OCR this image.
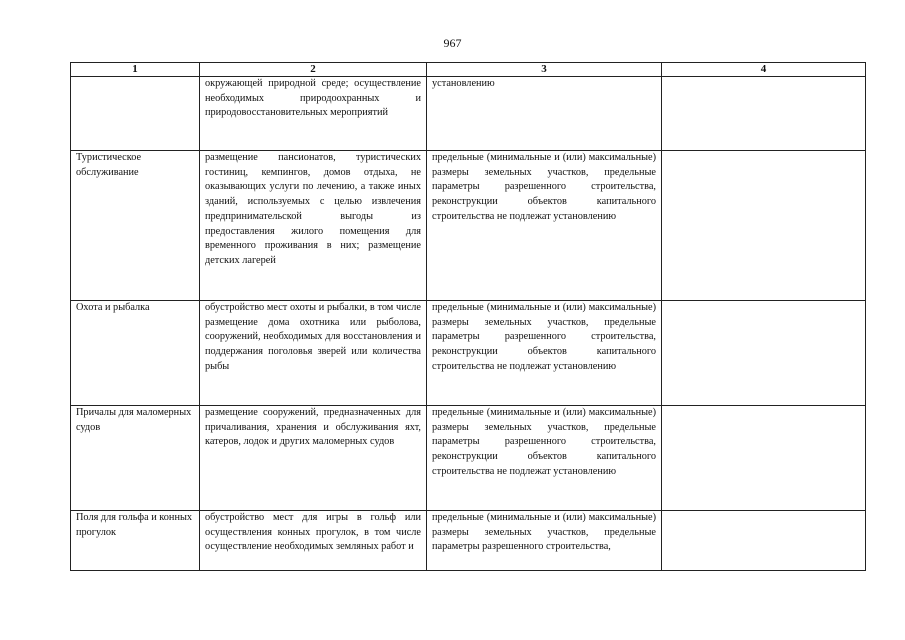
967
1	2	3	4
	окружающей природной среде; осуществление необходимых природоохранных и природовосстановительных мероприятий	установлению	
Туристическое обслуживание	размещение пансионатов, туристических гостиниц, кемпингов, домов отдыха, не оказывающих услуги по лечению, а также иных зданий, используемых с целью извлечения предпринимательской выгоды из предоставления жилого помещения для временного проживания в них; размещение детских лагерей	предельные (минимальные и (или) максимальные) размеры земельных участков, предельные параметры разрешенного строительства, реконструкции объектов капитального строительства не подлежат установлению	
Охота и рыбалка	обустройство мест охоты и рыбалки, в том числе размещение дома охотника или рыболова, сооружений, необходимых для восстановления и поддержания поголовья зверей или количества рыбы	предельные (минимальные и (или) максимальные) размеры земельных участков, предельные параметры разрешенного строительства, реконструкции объектов капитального строительства не подлежат установлению	
Причалы для маломерных судов	размещение сооружений, предназначенных для причаливания, хранения и обслуживания яхт, катеров, лодок и других маломерных судов	предельные (минимальные и (или) максимальные) размеры земельных участков, предельные параметры разрешенного строительства, реконструкции объектов капитального строительства не подлежат установлению	
Поля для гольфа и конных прогулок	обустройство мест для игры в гольф или осуществления конных прогулок, в том числе осуществление необходимых земляных работ и	предельные (минимальные и (или) максимальные) размеры земельных участков, предельные параметры разрешенного строительства,	
